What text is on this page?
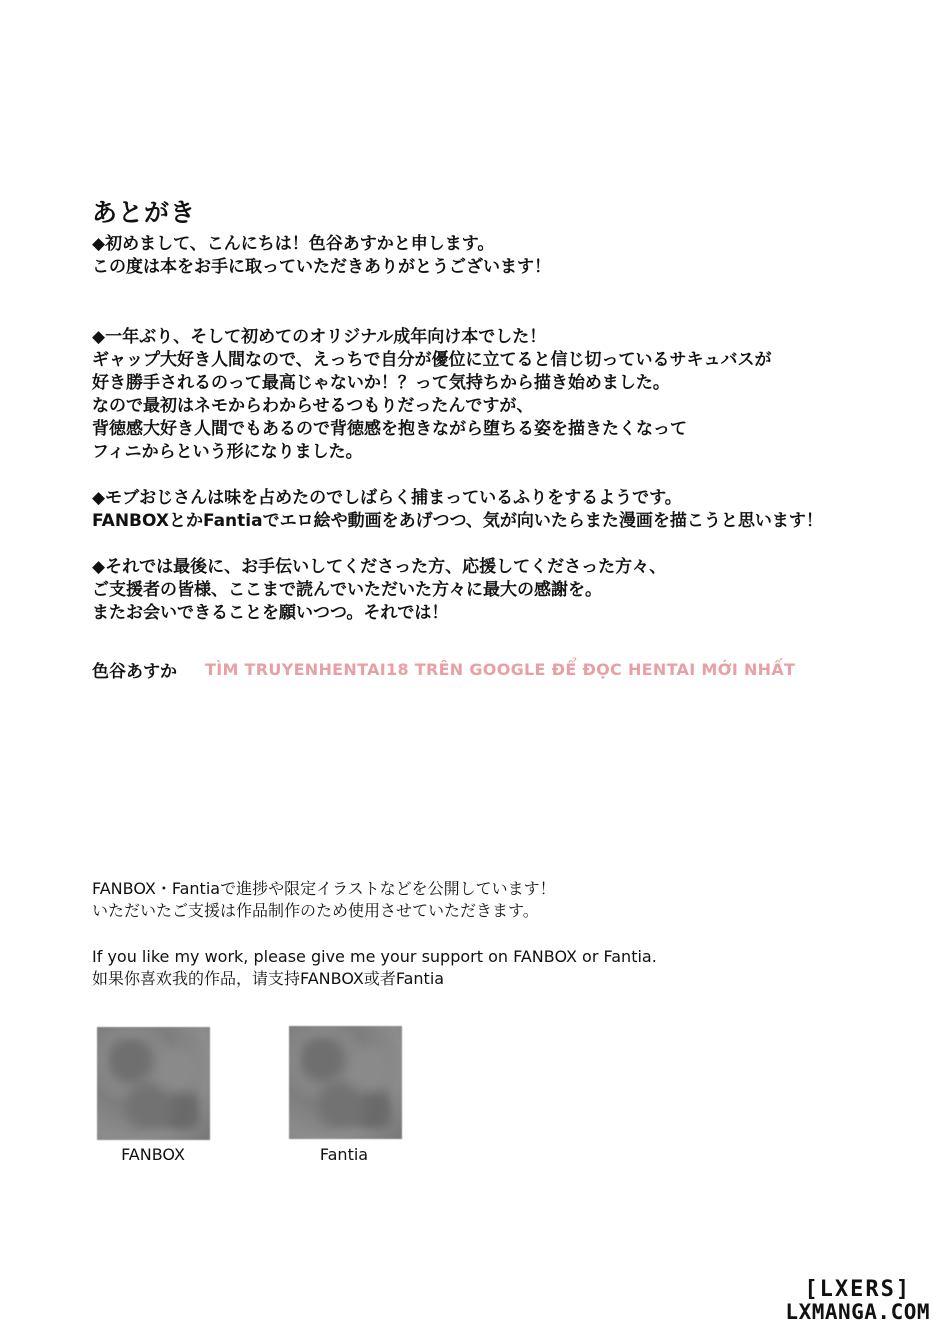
あとがき
◆初めまして、こんにちは！色谷あすかと申します。
この度は本をお手に取っていただきありがとうございます！
◆一年ぶり、そして初めてのオリジナル成年向け本でした！
ギャップ大好き人間なので、えっちで自分が優位に立てると信じ切っているサキュバスが
好き勝手されるのって最高じゃないか！？って気持ちから描き始めました。
なので最初はネモからわからせるつもりだったんですが、
背徳感大好き人間でもあるので背徳感を抱きながら堕ちる姿を描きたくなって
フィニからという形になりました。
◆モブおじさんは味を占めたのでしばらく捕まっているふりをするようです。
FANBOXとかFantiaでエロ絵や動画をあげつつ、気が向いたらまた漫画を描こうと思います！
◆それでは最後に、お手伝いしてくださった方、応援してくださった方々、
ご支援者の皆様、ここまで読んでいただいた方々に最大の感謝を。
またお会いできることを願いつつ。それでは！
色谷あすか TÌM TRUYENHENTAI18 TRÊN GOOGLE ĐỂ ĐỌC HENTAI MỚI NHẤT
FANBOX・Fantiaで進捗や限定イラストなどを公開しています！
いただいたご支援は作品制作のため使用させていただきます。
If you like my work, please give me your support on FANBOX or Fantia.
如果你喜欢我的作品，请支持FANBOX或者Fantia
FANBOX	Fantia
[LXERS]
LXMANGA.COM
